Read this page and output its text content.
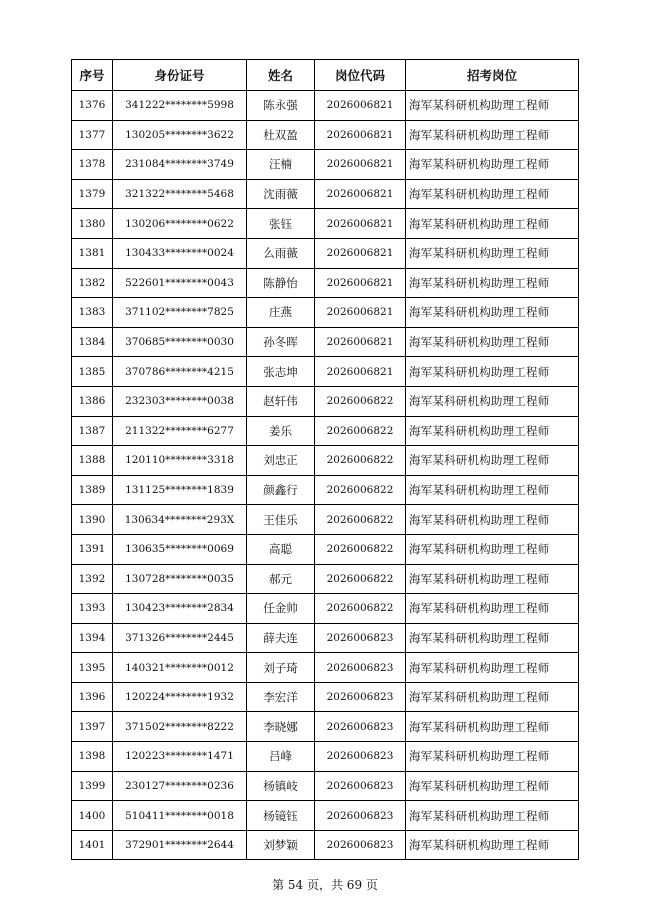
序号	身份证号	姓名	岗位代码	招考岗位
1376	341222********5998	陈永强	2026006821	海军某科研机构助理工程师
1377	130205********3622	杜双盈	2026006821	海军某科研机构助理工程师
1378	231084********3749	汪楠	2026006821	海军某科研机构助理工程师
1379	321322********5468	沈雨薇	2026006821	海军某科研机构助理工程师
1380	130206********0622	张钰	2026006821	海军某科研机构助理工程师
1381	130433********0024	么雨薇	2026006821	海军某科研机构助理工程师
1382	522601********0043	陈静怡	2026006821	海军某科研机构助理工程师
1383	371102********7825	庄燕	2026006821	海军某科研机构助理工程师
1384	370685********0030	孙冬晖	2026006821	海军某科研机构助理工程师
1385	370786********4215	张志坤	2026006821	海军某科研机构助理工程师
1386	232303********0038	赵轩伟	2026006822	海军某科研机构助理工程师
1387	211322********6277	姜乐	2026006822	海军某科研机构助理工程师
1388	120110********3318	刘忠正	2026006822	海军某科研机构助理工程师
1389	131125********1839	颜鑫行	2026006822	海军某科研机构助理工程师
1390	130634********293X	王佳乐	2026006822	海军某科研机构助理工程师
1391	130635********0069	高聪	2026006822	海军某科研机构助理工程师
1392	130728********0035	郝元	2026006822	海军某科研机构助理工程师
1393	130423********2834	任金帅	2026006822	海军某科研机构助理工程师
1394	371326********2445	薛夫连	2026006823	海军某科研机构助理工程师
1395	140321********0012	刘子琦	2026006823	海军某科研机构助理工程师
1396	120224********1932	李宏洋	2026006823	海军某科研机构助理工程师
1397	371502********8222	李晓娜	2026006823	海军某科研机构助理工程师
1398	120223********1471	吕峰	2026006823	海军某科研机构助理工程师
1399	230127********0236	杨镇岐	2026006823	海军某科研机构助理工程师
1400	510411********0018	杨镜钰	2026006823	海军某科研机构助理工程师
1401	372901********2644	刘梦颖	2026006823	海军某科研机构助理工程师
第 54 页，共 69 页
